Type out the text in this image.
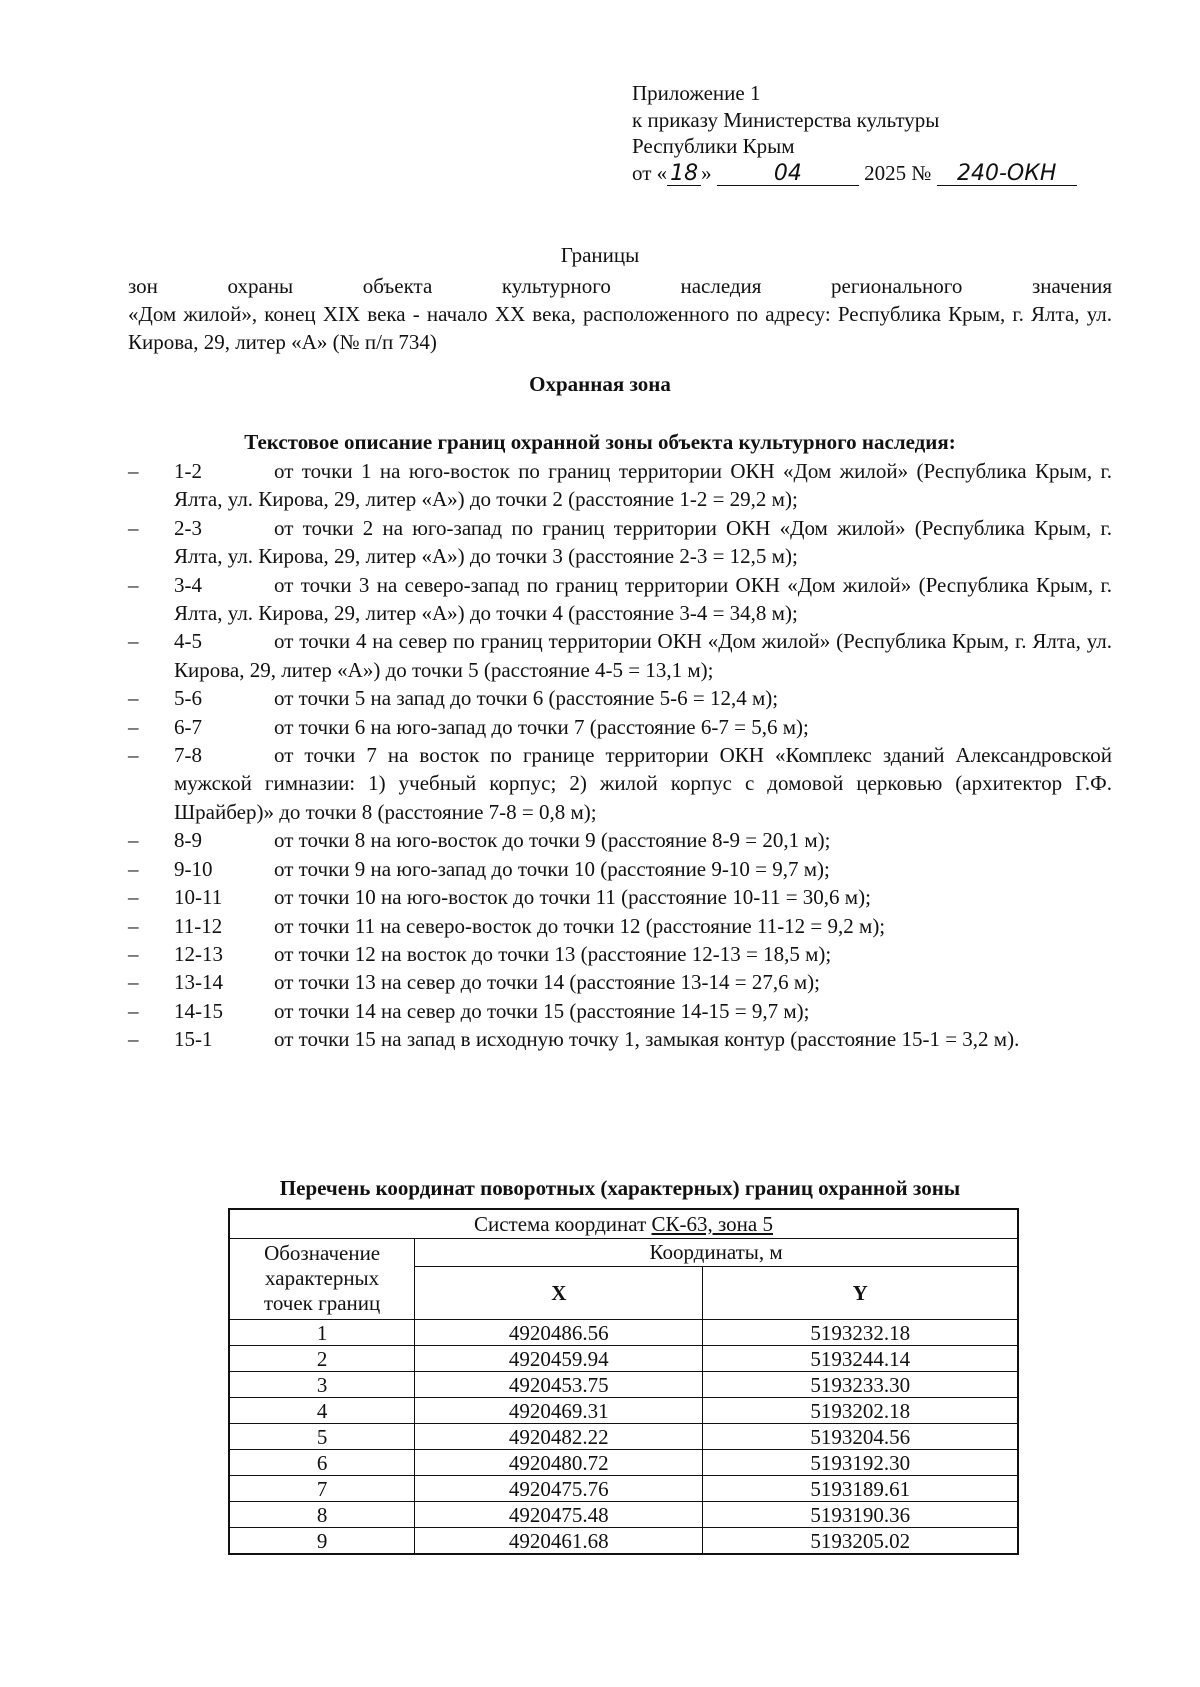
Приложение 1
к приказу Министерства культуры
Республики Крым
от « 18 »	04	2025 № 240-ОКН
Границы

зон охраны объекта культурного наследия регионального значения

«Дом жилой», конец XIX века - начало XX века, расположенного по адресу: Республика Крым, г. Ялта, ул. Кирова, 29, литер «А» (№ п/п 734)

Охранная зона
Текстовое описание границ охранной зоны объекта культурного наследия:
– 1-2	от точки 1 на юго-восток по границ территории ОКН «Дом жилой» (Республика Крым, г. Ялта, ул. Кирова, 29, литер «А») до точки 2 (расстояние 1-2 = 29,2 м);
– 2-3	от точки 2 на юго-запад по границ территории ОКН «Дом жилой» (Республика Крым, г. Ялта, ул. Кирова, 29, литер «А») до точки 3 (расстояние 2-3 = 12,5 м);
– 3-4	от точки 3 на северо-запад по границ территории ОКН «Дом жилой» (Республика Крым, г. Ялта, ул. Кирова, 29, литер «А») до точки 4 (расстояние 3-4 = 34,8 м);
– 4-5	от точки 4 на север по границ территории ОКН «Дом жилой» (Республика Крым, г. Ялта, ул. Кирова, 29, литер «А») до точки 5 (расстояние 4-5 = 13,1 м);
– 5-6	от точки 5 на запад до точки 6 (расстояние 5-6 = 12,4 м);
– 6-7	от точки 6 на юго-запад до точки 7 (расстояние 6-7 = 5,6 м);
– 7-8	от точки 7 на восток по границе территории ОКН «Комплекс зданий Александровской мужской гимназии: 1) учебный корпус; 2) жилой корпус с домовой церковью (архитектор Г.Ф. Шрайбер)» до точки 8 (расстояние 7-8 = 0,8 м);
– 8-9	от точки 8 на юго-восток до точки 9 (расстояние 8-9 = 20,1 м);
– 9-10	от точки 9 на юго-запад до точки 10 (расстояние 9-10 = 9,7 м);
– 10-11 от точки 10 на юго-восток до точки 11 (расстояние 10-11 = 30,6 м);
– 11-12 от точки 11 на северо-восток до точки 12 (расстояние 11-12 = 9,2 м);
– 12-13 от точки 12 на восток до точки 13 (расстояние 12-13 = 18,5 м);
– 13-14 от точки 13 на север до точки 14 (расстояние 13-14 = 27,6 м);
– 14-15 от точки 14 на север до точки 15 (расстояние 14-15 = 9,7 м);
– 15-1	от точки 15 на запад в исходную точку 1, замыкая контур (расстояние 15-1 = 3,2 м).
Перечень координат поворотных (характерных) границ охранной зоны
Система координат СК-63, зона 5		

Обозначение
характерных
точек границ	Координаты, м	
	X	Y
1	4920486.56	5193232.18
2	4920459.94	5193244.14
3	4920453.75	5193233.30
4	4920469.31	5193202.18
5	4920482.22	5193204.56
6	4920480.72	5193192.30
7	4920475.76	5193189.61
8	4920475.48	5193190.36
9	4920461.68	5193205.02
